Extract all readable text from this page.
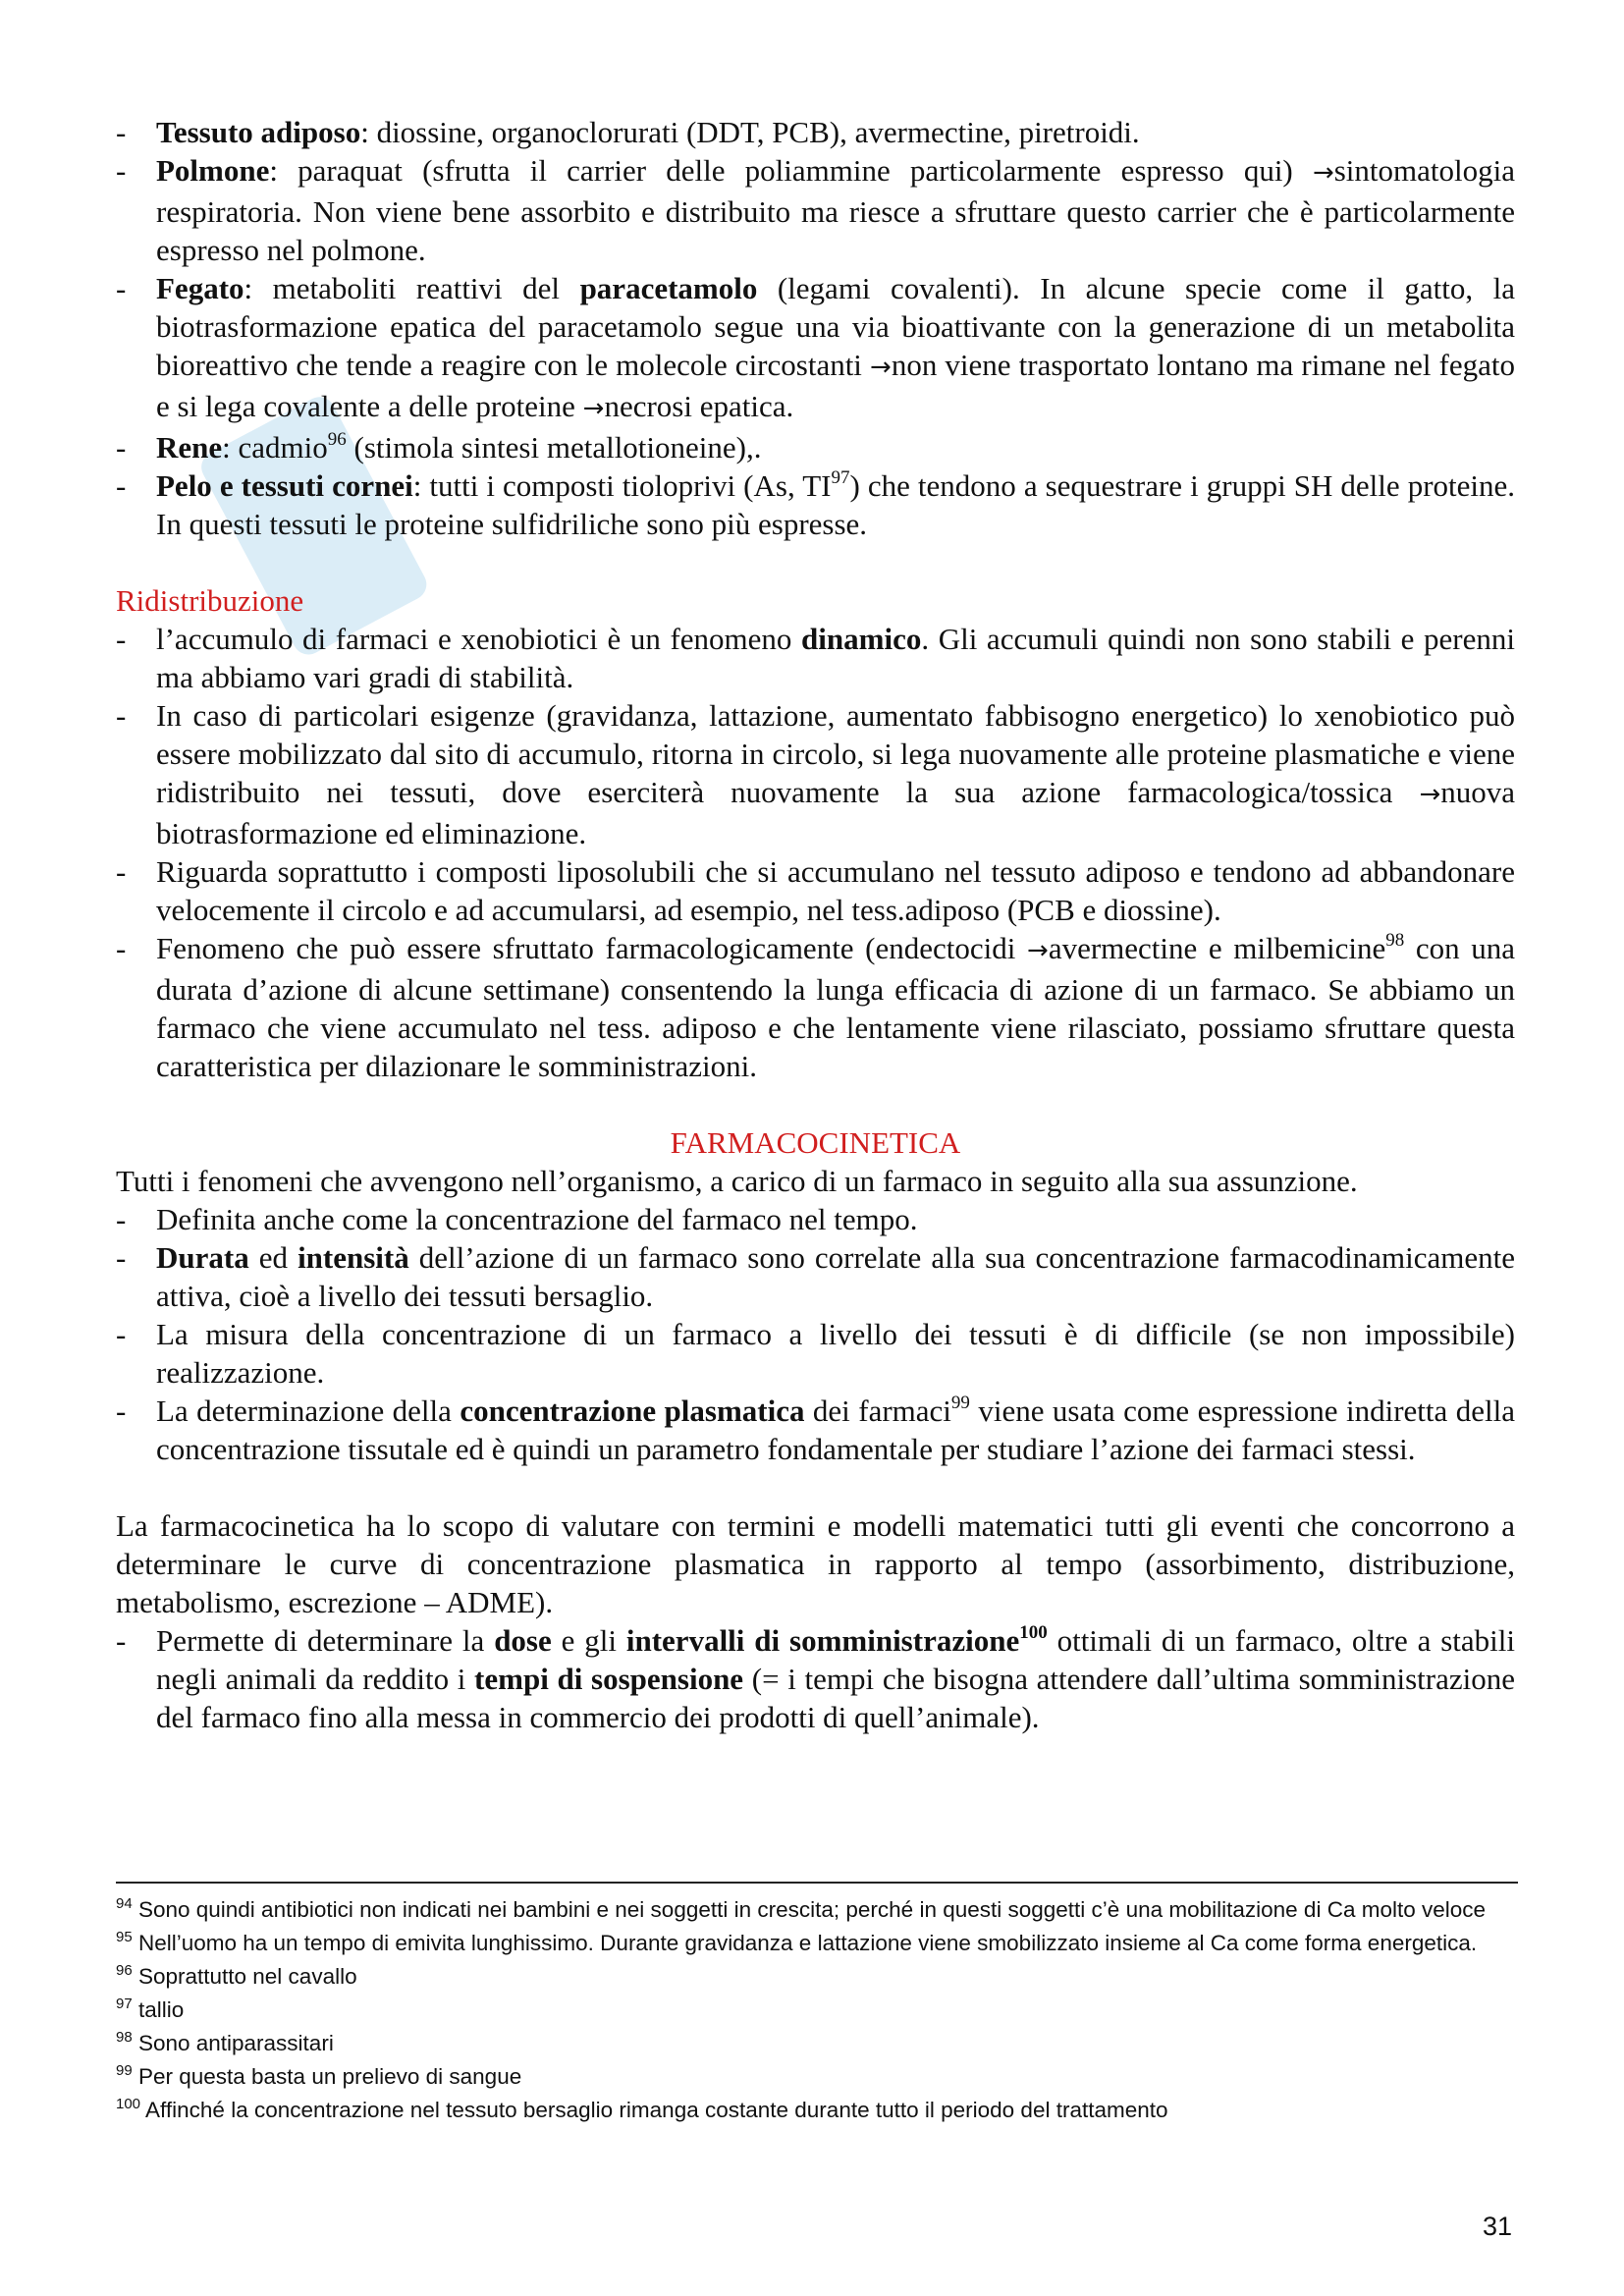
- Tessuto adiposo: diossine, organoclorurati (DDT, PCB), avermectine, piretroidi.
- Polmone: paraquat (sfrutta il carrier delle poliammine particolarmente espresso qui) →sintomatologia respiratoria. Non viene bene assorbito e distribuito ma riesce a sfruttare questo carrier che è particolarmente espresso nel polmone.
- Fegato: metaboliti reattivi del paracetamolo (legami covalenti). In alcune specie come il gatto, la biotrasformazione epatica del paracetamolo segue una via bioattivante con la generazione di un metabolita bioreattivo che tende a reagire con le molecole circostanti →non viene trasportato lontano ma rimane nel fegato e si lega covalente a delle proteine →necrosi epatica.
- Rene: cadmio$^{96}$ (stimola sintesi metallotioneine),.
- Pelo e tessuti cornei: tutti i composti tioloprivi (As, TI$^{97}$) che tendono a sequestrare i gruppi SH delle proteine. In questi tessuti le proteine sulfidriliche sono più espresse.
Ridistribuzione
- l’accumulo di farmaci e xenobiotici è un fenomeno dinamico. Gli accumuli quindi non sono stabili e perenni ma abbiamo vari gradi di stabilità.
- In caso di particolari esigenze (gravidanza, lattazione, aumentato fabbisogno energetico) lo xenobiotico può essere mobilizzato dal sito di accumulo, ritorna in circolo, si lega nuovamente alle proteine plasmatiche e viene ridistribuito nei tessuti, dove eserciterà nuovamente la sua azione farmacologica/tossica →nuova biotrasformazione ed eliminazione.
- Riguarda soprattutto i composti liposolubili che si accumulano nel tessuto adiposo e tendono ad abbandonare velocemente il circolo e ad accumularsi, ad esempio, nel tess.adiposo (PCB e diossine).
- Fenomeno che può essere sfruttato farmacologicamente (endectocidi →avermectine e milbemicine$^{98}$ con una durata d’azione di alcune settimane) consentendo la lunga efficacia di azione di un farmaco. Se abbiamo un farmaco che viene accumulato nel tess. adiposo e che lentamente viene rilasciato, possiamo sfruttare questa caratteristica per dilazionare le somministrazioni.
FARMACOCINETICA
Tutti i fenomeni che avvengono nell’organismo, a carico di un farmaco in seguito alla sua assunzione.
- Definita anche come la concentrazione del farmaco nel tempo.
- Durata ed intensità dell’azione di un farmaco sono correlate alla sua concentrazione farmacodinamicamente attiva, cioè a livello dei tessuti bersaglio.
- La misura della concentrazione di un farmaco a livello dei tessuti è di difficile (se non impossibile) realizzazione.
- La determinazione della concentrazione plasmatica dei farmaci$^{99}$ viene usata come espressione indiretta della concentrazione tissutale ed è quindi un parametro fondamentale per studiare l’azione dei farmaci stessi.
La farmacocinetica ha lo scopo di valutare con termini e modelli matematici tutti gli eventi che concorrono a determinare le curve di concentrazione plasmatica in rapporto al tempo (assorbimento, distribuzione, metabolismo, escrezione – ADME).
- Permette di determinare la dose e gli intervalli di somministrazione$^{100}$ ottimali di un farmaco, oltre a stabili negli animali da reddito i tempi di sospensione (= i tempi che bisogna attendere dall’ultima somministrazione del farmaco fino alla messa in commercio dei prodotti di quell’animale).
$^{94}$ Sono quindi antibiotici non indicati nei bambini e nei soggetti in crescita; perché in questi soggetti c’è una mobilitazione di Ca molto veloce
$^{95}$ Nell’uomo ha un tempo di emivita lunghissimo. Durante gravidanza e lattazione viene smobilizzato insieme al Ca come forma energetica.
$^{96}$ Soprattutto nel cavallo
$^{97}$ tallio
$^{98}$ Sono antiparassitari
$^{99}$ Per questa basta un prelievo di sangue
$^{100}$ Affinché la concentrazione nel tessuto bersaglio rimanga costante durante tutto il periodo del trattamento
31
